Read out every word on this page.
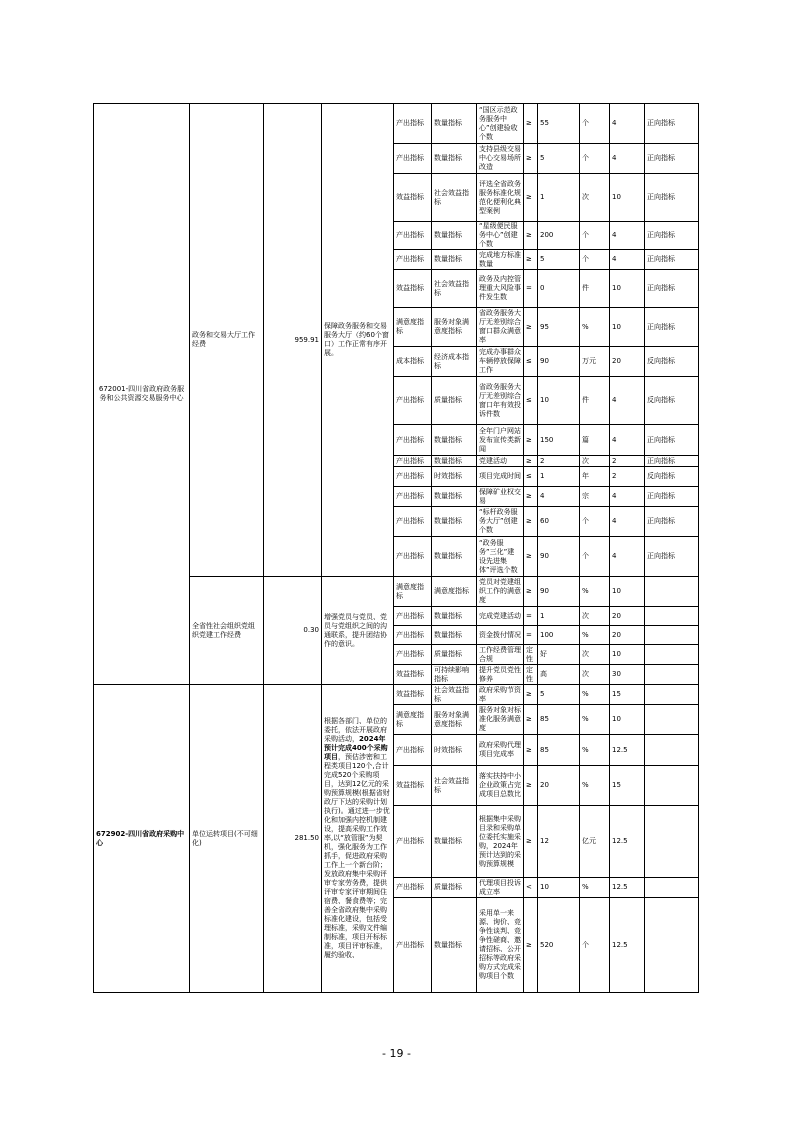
672001-四川省政府政务服务和公共资源交易服务中心	政务和交易大厅工作经费	959.91	保障政务服务和交易服务大厅（约60个窗口）工作正常有序开展。	产出指标	数量指标	“国区示范政务服务中心”创建验收个数	≥	55	个	4	正向指标
				产出指标	数量指标	支持县级交易中心交易场所改造	≥	5	个	4	正向指标
				效益指标	社会效益指标	评选全省政务服务标准化规范化便利化典型案例	≥	1	次	10	正向指标
				产出指标	数量指标	“星级便民服务中心”创建个数	≥	200	个	4	正向指标
				产出指标	数量指标	完成地方标准数量	≥	5	个	4	正向指标
				效益指标	社会效益指标	政务及内控管理重大风险事件发生数	=	0	件	10	正向指标
				满意度指标	服务对象满意度指标	省政务服务大厅无差别综合窗口群众满意率	≥	95	%	10	正向指标
				成本指标	经济成本指标	完成办事群众车辆停放保障工作	≤	90	万元	20	反向指标
				产出指标	质量指标	省政务服务大厅无差别综合窗口年有效投诉件数	≤	10	件	4	反向指标
				产出指标	数量指标	全年门户网站发布宣传类新闻	≥	150	篇	4	正向指标
				产出指标	数量指标	党建活动	≥	2	次	2	正向指标
				产出指标	时效指标	项目完成时间	≤	1	年	2	反向指标
				产出指标	数量指标	保障矿业权交易	≥	4	宗	4	正向指标
				产出指标	数量指标	“标杆政务服务大厅”创建个数	≥	60	个	4	正向指标
				产出指标	数量指标	“政务服务”三化”建设先进集体”评选个数	≥	90	个	4	正向指标
	全省性社会组织党组织党建工作经费	0.30	增强党员与党员、党员与党组织之间的沟通联系，提升团结协作的意识。	满意度指标	满意度指标	党员对党建组织工作的满意度	≥	90	%	10	
				产出指标	数量指标	完成党建活动	=	1	次	20	
				产出指标	数量指标	资金拨付情况	=	100	%	20	
				产出指标	质量指标	工作经费管理合规	定性	好	次	10	
				效益指标	可持续影响指标	提升党员党性修养	定性	高	次	30	
672902-四川省政府采购中心	单位运转项目(不可细化)	281.50	根据各部门、单位的委托，依法开展政府采购活动，2024年预计完成400个采购项目，预估涉密和工程类项目120个,合计完成520个采购项目，达到12亿元的采购预算规模(根据省财政厅下达的采购计划执行)。通过进一步优化和加强内控机制建设，提高采购工作效率,以“放管服”为契机，强化服务为工作抓手，促进政府采购工作上一个新台阶；发放政府集中采购评审专家劳务费，提供评审专家评审期间住宿费、餐食费等；完善全省政府集中采购标准化建设，包括受理标准，采购文件编制标准，项目开标标准，项目评审标准，履约验收、	效益指标	社会效益指标	政府采购节资率	≥	5	%	15	
				满意度指标	服务对象满意度指标	服务对象对标准化服务满意度	≥	85	%	10	
				产出指标	时效指标	政府采购代理项目完成率	≥	85	%	12.5	
				效益指标	社会效益指标	落实扶持中小企业政策占完成项目总数比	≥	20	%	15	
				产出指标	数量指标	根据集中采购目录和采购单位委托实施采购，2024年预计达到的采购预算规模	≥	12	亿元	12.5	
				产出指标	质量指标	代理项目投诉成立率	<	10	%	12.5	
				产出指标	数量指标	采用单一来源、询价、竞争性谈判、竞争性磋商、邀请招标、公开招标等政府采购方式完成采购项目个数	≥	520	个	12.5	
- 19 -
